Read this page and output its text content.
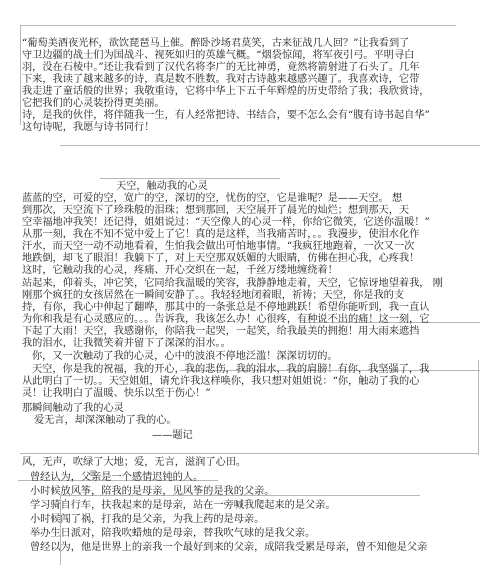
“葡萄美酒夜光杯，欲饮琵琶马上催。醉卧沙场君莫笑，古来征战几人回？”让我看到了
守卫边疆的战士们为国战斗、视死如归的英雄气概。“烟袋惊闻，将军夜引弓。平明寻白
羽，没在石棱中。”还让我看到了汉代名将李广的无比神勇，竟然将箭射进了石头了。几年
下来，我读了越来越多的诗，真是数不胜数。我对古诗越来越感兴趣了。我喜欢诗，它带
我走进了童话般的世界；我敬重诗，它将中华上下五千年辉煌的历史带给了我；我欣赏诗，
它把我们的心灵装扮得更美丽。
诗，是我的伙伴，将伴随我一生，有人经常把诗、书结合，要不怎么会有“腹有诗书起自华”
这句诗呢，我愿与诗书同行！
天空，触动我的心灵
蓝蓝的空，可爱的空，宽广的空，深切的空，忧伤的空，它是谁呢？是——天空。 想
到那次，天空流下了珍珠般的泪珠；想到那回，天空展开了晨光的灿烂；想到那天，天
空幸福地冲我笑！还记得，姐姐说过：“天空像人的心灵一样，你给它微笑，它送你温暖！”
从那一刻，我在不知不觉中爱上了它！真的是这样，当我痛苦时，。。我漫步，使泪水化作
汗水，而天空一动不动地看着，生怕我会做出可怕地事情。“我疯狂地跑着，一次又一次
地跌倒，却飞了眼泪！我躺下了，对上天空那双妖媚的大眼睛，仿佛在担心我，心疼我！
这时，它触动我的心灵，疼痛、开心交织在一起，千丝万缕地缠绕着！
站起来，仰着头，冲它笑，它同给我温暖的笑容，我静静地走着，天空，它惊讶地望着我， 刚
刚那个疯狂的女孩居然在一瞬间安静了。。我轻轻地闭着眼，祈祷；天空，你是我的支
持，有你，我心中伸起了翻哗，那其中的一条张总是不停地跳跃！希望你能听到，我一直认
为你和我是有心灵感应的。。。告诉我，我该怎么办！心很疼，有种说不出的痛！这一刻，它
下起了大雨！天空，我感谢你，你陪我一起哭，一起笑，给我最美的拥抱！用大雨来遮挡
我的泪水，让我微笑着并留下了深深的泪水。。
你，又一次触动了我的心灵，心中的波浪不停地泛滥！深深切切的。
天空，你是我的祝福，我的开心，我的悲伤，我的泪水，我的肩膀！有你，我坚强了，我
从此明白了一切。。天空姐姐，请允许我这样唤你，我只想对姐姐说：“你，触动了我的心
灵！让我明白了温暖、快乐以至于伤心！”
那瞬间触动了我的心灵
爱无言，却深深触动了我的心。
——题记
风，无声，吹绿了大地；爱，无言，滋润了心田。
曾经认为，父亲是一个感情迟钝的人。
小时候放风筝，陪我的是母亲，见风筝的是我的父亲。
学习骑自行车，扶我起来的是母亲，站在一旁喊我爬起来的是父亲。
小时候闯了祸，打我的是父亲，为我上药的是母亲。
举办生日派对，陪我吹蜡烛的是母亲，替我吹气球的是我父亲。
曾经以为，他是世界上的亲我一个最好到来的父亲，成陪我受累是母亲，曾不知他是父亲
